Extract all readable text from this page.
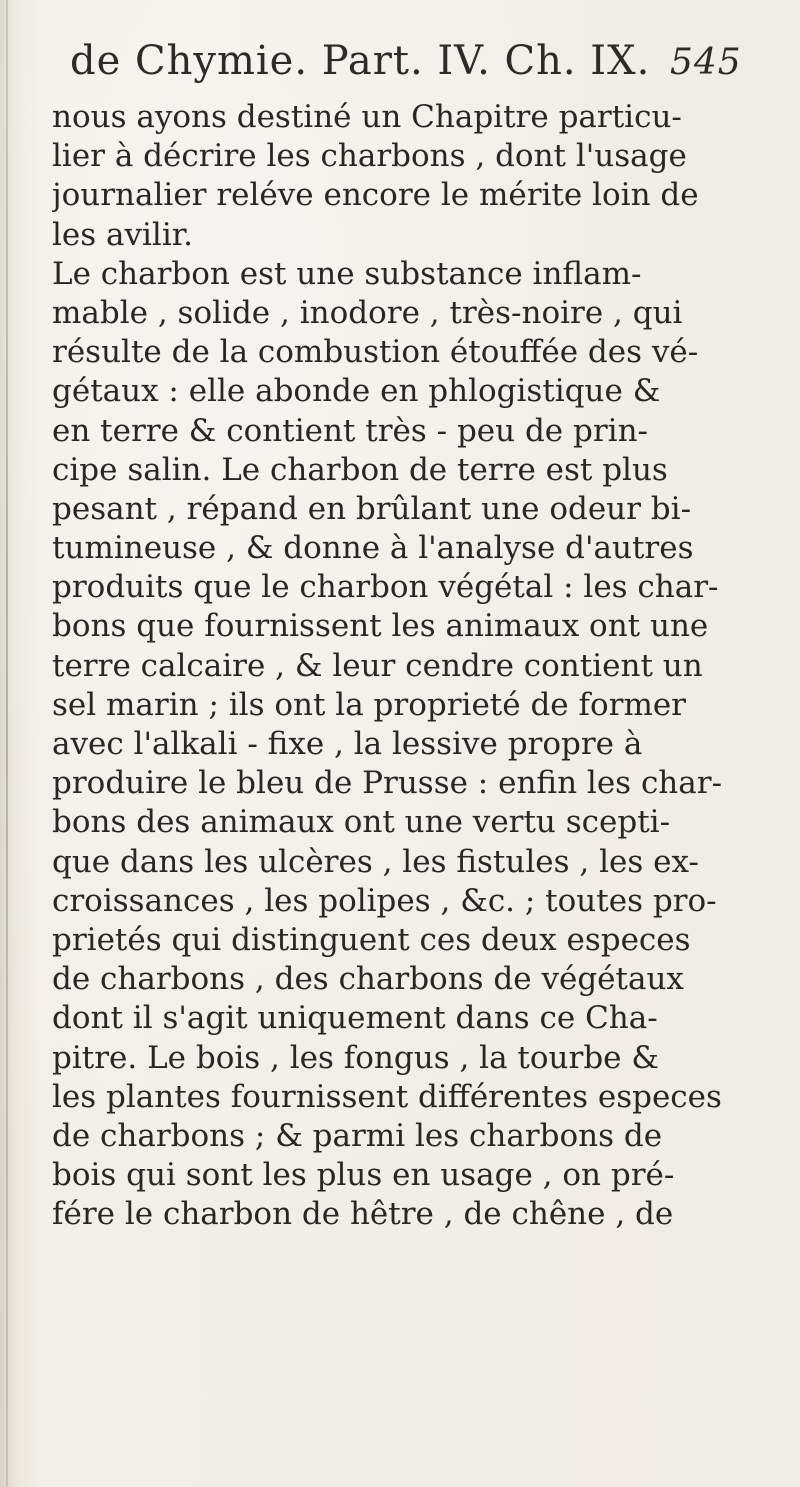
de Chymie. Part. IV. Ch. IX. 545
nous ayons destiné un Chapitre particu-
lier à décrire les charbons , dont l'usage
journalier reléve encore le mérite loin de
les avilir.
Le charbon est une substance inflam-
mable , solide , inodore , très-noire , qui
résulte de la combustion étouffée des vé-
gétaux : elle abonde en phlogistique &
en terre & contient très - peu de prin-
cipe salin. Le charbon de terre est plus
pesant , répand en brûlant une odeur bi-
tumineuse , & donne à l'analyse d'autres
produits que le charbon végétal : les char-
bons que fournissent les animaux ont une
terre calcaire , & leur cendre contient un
sel marin ; ils ont la proprieté de former
avec l'alkali - fixe , la lessive propre à
produire le bleu de Prusse : enfin les char-
bons des animaux ont une vertu scepti-
que dans les ulcères , les fistules , les ex-
croissances , les polipes , &c. ; toutes pro-
prietés qui distinguent ces deux especes
de charbons , des charbons de végétaux
dont il s'agit uniquement dans ce Cha-
pitre. Le bois , les fongus , la tourbe &
les plantes fournissent différentes especes
de charbons ; & parmi les charbons de
bois qui sont les plus en usage , on pré-
fére le charbon de hêtre , de chêne , de
